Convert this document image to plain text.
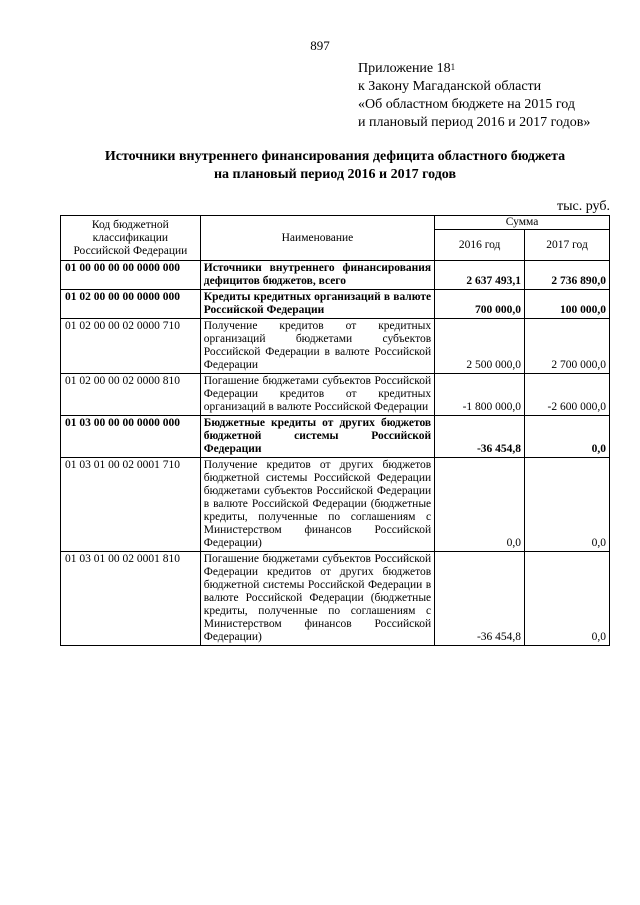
897
Приложение $18^1$
к Закону Магаданской области
«Об областном бюджете на 2015 год
и плановый период 2016 и 2017 годов»
Источники внутреннего финансирования дефицита областного бюджета
на плановый период 2016 и 2017 годов
тыс. руб.
Код бюджетной классификации Российской Федерации	Наименование	Сумма	
		2016 год	2017 год
01 00 00 00 00 0000 000	Источники внутреннего финансирования дефицитов бюджетов, всего	2 637 493,1	2 736 890,0
01 02 00 00 00 0000 000	Кредиты кредитных организаций в валюте Российской Федерации	700 000,0	100 000,0
01 02 00 00 02 0000 710	Получение кредитов от кредитных организаций бюджетами субъектов Российской Федерации в валюте Российской Федерации	2 500 000,0	2 700 000,0
01 02 00 00 02 0000 810	Погашение бюджетами субъектов Российской Федерации кредитов от кредитных организаций в валюте Российской Федерации	-1 800 000,0	-2 600 000,0
01 03 00 00 00 0000 000	Бюджетные кредиты от других бюджетов бюджетной системы Российской Федерации	-36 454,8	0,0
01 03 01 00 02 0001 710	Получение кредитов от других бюджетов бюджетной системы Российской Федерации бюджетами субъектов Российской Федерации в валюте Российской Федерации (бюджетные кредиты, полученные по соглашениям с Министерством финансов Российской Федерации)	0,0	0,0
01 03 01 00 02 0001 810	Погашение бюджетами субъектов Российской Федерации кредитов от других бюджетов бюджетной системы Российской Федерации в валюте Российской Федерации (бюджетные кредиты, полученные по соглашениям с Министерством финансов Российской Федерации)	-36 454,8	0,0
